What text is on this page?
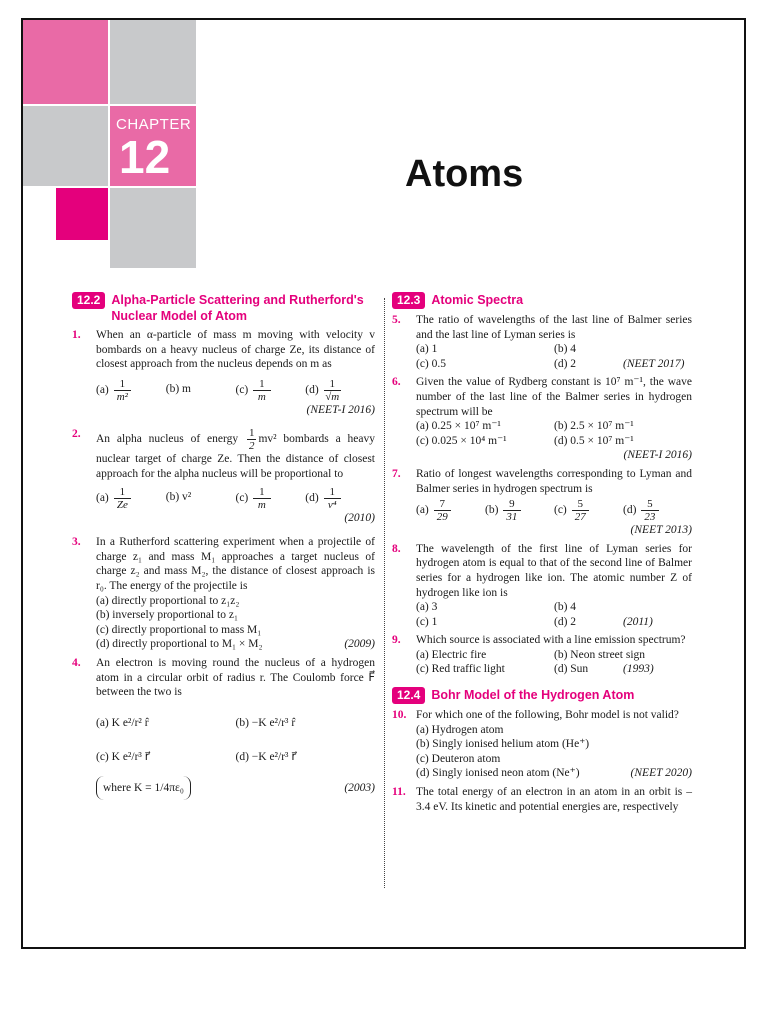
CHAPTER
12	Atoms
12.2 Alpha-Particle Scattering and Rutherford's Nuclear Model of Atom
1.	When an α-particle of mass m moving with velocity v bombards on a heavy nucleus of charge Ze, its distance of closest approach from the nucleus depends on m as
$(a) \frac{1}{\text{m²}}$	(b) m	$(c) \frac{1}{m}$	$(d) \frac{1}{√m}$
(NEET-I 2016)
2.	An alpha nucleus of energy $\frac{1}{2} mv^2$ bombards a heavy nuclear target of charge Ze. Then the distance of closest approach for the alpha nucleus will be proportional to
$(a) \frac{1}{Ze}$	(b) v²	$(c) \frac{1}{m}$	$(d) \frac{1}{\text{v⁴}}$
(2010)
3.	In a Rutherford scattering experiment when a projectile of charge z₁ and mass M₁ approaches a target nucleus of charge z₂ and mass M₂, the distance of closest approach is r₀. The energy of the projectile is
(a) directly proportional to z₁z₂
(b) inversely proportional to z₁
(c) directly proportional to mass M₁
(d) directly proportional to M₁ × M₂	(2009)
4.	An electron is moving round the nucleus of a hydrogen atom in a circular orbit of radius r. The Coulomb force F⃗ between the two is
(a) K e²/r² r̂	(b) −K e²/r³ r̂
(c) K e²/r³ r⃗	(d) −K e²/r³ r⃗
where K = 1/4πε₀	(2003)
12.3 Atomic Spectra
5.	The ratio of wavelengths of the last line of Balmer series and the last line of Lyman series is
(a) 1	(b) 4
(c) 0.5	(d) 2	(NEET 2017)
6.	Given the value of Rydberg constant is 10⁷ m⁻¹, the wave number of the last line of the Balmer series in hydrogen spectrum will be
(a) 0.25 × 10⁷ m⁻¹	(b) 2.5 × 10⁷ m⁻¹
(c) 0.025 × 10⁴ m⁻¹	(d) 0.5 × 10⁷ m⁻¹
(NEET-I 2016)
7.	Ratio of longest wavelengths corresponding to Lyman and Balmer series in hydrogen spectrum is
$(a) \frac{7}{29}$	$(b) \frac{9}{31}$	$(c) \frac{5}{27}$	$(d) \frac{5}{23}$
(NEET 2013)
8.	The wavelength of the first line of Lyman series for hydrogen atom is equal to that of the second line of Balmer series for a hydrogen like ion. The atomic number Z of hydrogen like ion is
(a) 3	(b) 4
(c) 1	(d) 2	(2011)
9.	Which source is associated with a line emission spectrum?
(a) Electric fire	(b) Neon street sign
(c) Red traffic light	(d) Sun	(1993)
12.4 Bohr Model of the Hydrogen Atom
10. For which one of the following, Bohr model is not valid?
(a) Hydrogen atom
(b) Singly ionised helium atom (He⁺)
(c) Deuteron atom
(d) Singly ionised neon atom (Ne⁺)	(NEET 2020)
11. The total energy of an electron in an atom in an orbit is – 3.4 eV. Its kinetic and potential energies are, respectively
